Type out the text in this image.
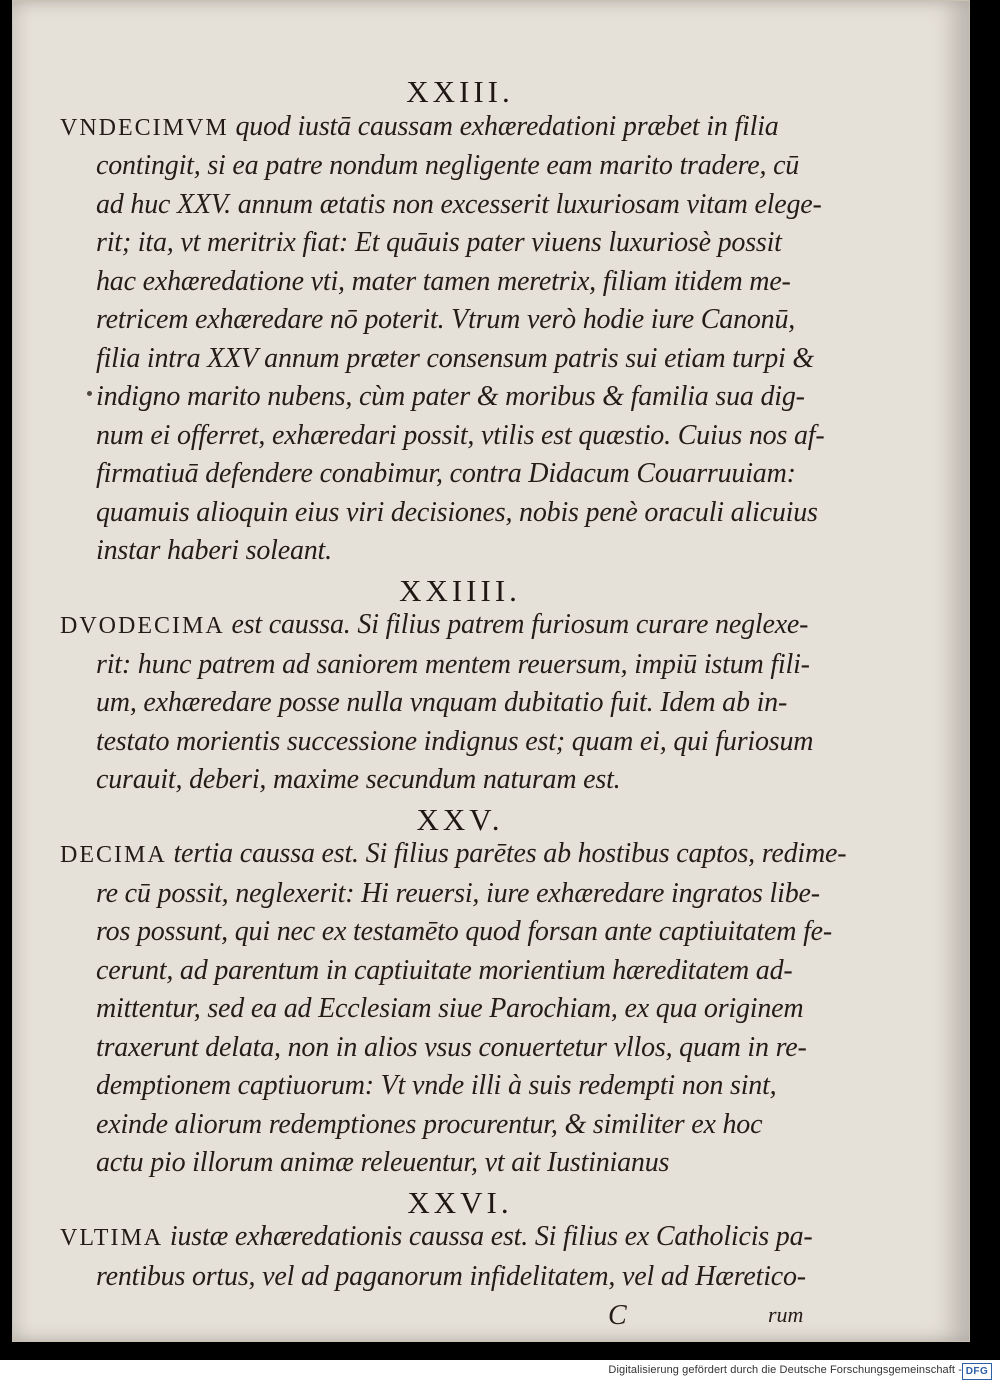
XXIII.
VNDECIMVM quod iustā caussam exhæredationi præbet in filia
contingit, si ea patre nondum negligente eam marito tradere, cū
ad huc XXV. annum ætatis non excesserit luxuriosam vitam elege-
rit; ita, vt meritrix fiat: Et quāuis pater viuens luxuriosè possit
hac exhæredatione vti, mater tamen meretrix, filiam itidem me-
retricem exhæredare nō poterit. Vtrum verò hodie iure Canonū,
filia intra XXV annum præter consensum patris sui etiam turpi &
indigno marito nubens, cùm pater & moribus & familia sua dig-
num ei offerret, exhæredari possit, vtilis est quæstio. Cuius nos af-
firmatiuā defendere conabimur, contra Didacum Couarruuiam:
quamuis alioquin eius viri decisiones, nobis penè oraculi alicuius
instar haberi soleant.
XXIIII.
DVODECIMA est caussa. Si filius patrem furiosum curare neglexe-
rit: hunc patrem ad saniorem mentem reuersum, impiū istum fili-
um, exhæredare posse nulla vnquam dubitatio fuit. Idem ab in-
testato morientis successione indignus est; quam ei, qui furiosum
curauit, deberi, maxime secundum naturam est.
XXV.
DECIMA tertia caussa est. Si filius parētes ab hostibus captos, redime-
re cū possit, neglexerit: Hi reuersi, iure exhæredare ingratos libe-
ros possunt, qui nec ex testamēto quod forsan ante captiuitatem fe-
cerunt, ad parentum in captiuitate morientium hæreditatem ad-
mittentur, sed ea ad Ecclesiam siue Parochiam, ex qua originem
traxerunt delata, non in alios vsus conuertetur vllos, quam in re-
demptionem captiuorum: Vt vnde illi à suis redempti non sint,
exinde aliorum redemptiones procurentur, & similiter ex hoc
actu pio illorum animæ releuentur, vt ait Iustinianus
XXVI.
VLTIMA iustæ exhæredationis caussa est. Si filius ex Catholicis pa-
rentibus ortus, vel ad paganorum infidelitatem, vel ad Hæretico-
C	rum
Digitalisierung gefördert durch die Deutsche Forschungsgemeinschaft - DFG
